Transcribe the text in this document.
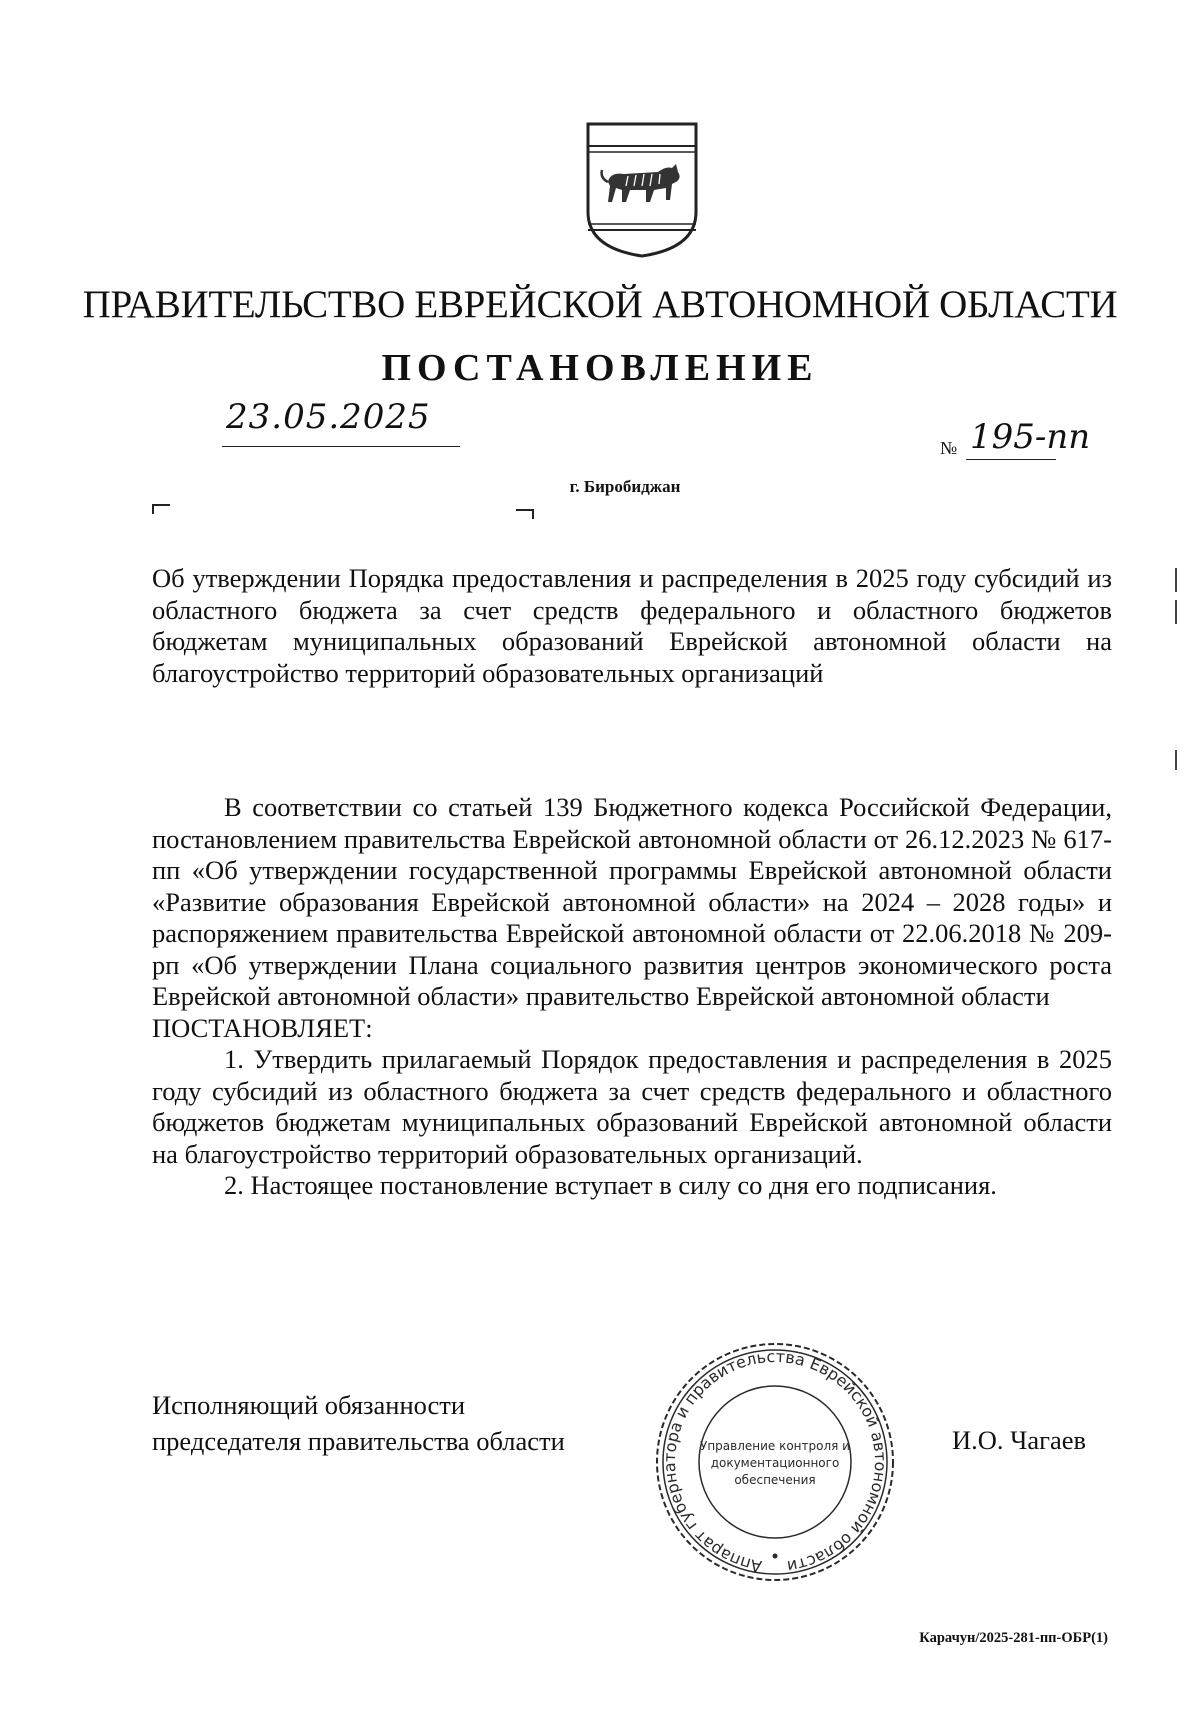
ПРАВИТЕЛЬСТВО ЕВРЕЙСКОЙ АВТОНОМНОЙ ОБЛАСТИ
ПОСТАНОВЛЕНИЕ
23.05.2025
№ 195-пп
г. Биробиджан
Об утверждении Порядка предоставления и распределения в 2025 году субсидий из областного бюджета за счет средств федерального и областного бюджетов бюджетам муниципальных образований Еврейской автономной области на благоустройство территорий образовательных организаций

В соответствии со статьей 139 Бюджетного кодекса Российской Федерации, постановлением правительства Еврейской автономной области от 26.12.2023 № 617-пп «Об утверждении государственной программы Еврейской автономной области «Развитие образования Еврейской автономной области» на 2024 – 2028 годы» и распоряжением правительства Еврейской автономной области от 22.06.2018 № 209-рп «Об утверждении Плана социального развития центров экономического роста Еврейской автономной области» правительство Еврейской автономной области

ПОСТАНОВЛЯЕТ:

1. Утвердить прилагаемый Порядок предоставления и распределения в 2025 году субсидий из областного бюджета за счет средств федерального и областного бюджетов бюджетам муниципальных образований Еврейской автономной области на благоустройство территорий образовательных организаций.

2. Настоящее постановление вступает в силу со дня его подписания.

Исполняющий обязанности
председателя правительства области	И.О. Чагаев
Аппарат губернатора и правительства Еврейской автономной области
Управление контроля и
документационного
обеспечения
Карачун/2025-281-пп-ОБР(1)
